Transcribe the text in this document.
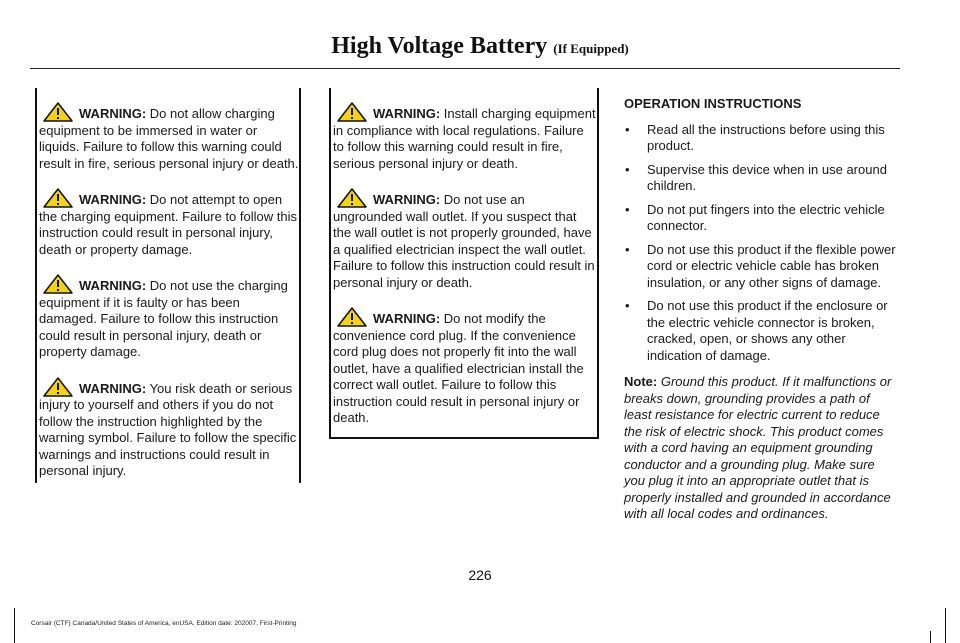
High Voltage Battery (If Equipped)

WARNING: Do not allow charging equipment to be immersed in water or liquids. Failure to follow this warning could result in fire, serious personal injury or death.

WARNING: Do not attempt to open the charging equipment. Failure to follow this instruction could result in personal injury, death or property damage.

WARNING: Do not use the charging equipment if it is faulty or has been damaged. Failure to follow this instruction could result in personal injury, death or property damage.

WARNING: You risk death or serious injury to yourself and others if you do not follow the instruction highlighted by the warning symbol. Failure to follow the specific warnings and instructions could result in personal injury.

WARNING: Install charging equipment in compliance with local regulations. Failure to follow this warning could result in fire, serious personal injury or death.

WARNING: Do not use an ungrounded wall outlet. If you suspect that the wall outlet is not properly grounded, have a qualified electrician inspect the wall outlet. Failure to follow this instruction could result in personal injury or death.

WARNING: Do not modify the convenience cord plug. If the convenience cord plug does not properly fit into the wall outlet, have a qualified electrician install the correct wall outlet. Failure to follow this instruction could result in personal injury or death.

OPERATION INSTRUCTIONS

• Read all the instructions before using this product.
• Supervise this device when in use around children.
• Do not put fingers into the electric vehicle connector.
• Do not use this product if the flexible power cord or electric vehicle cable has broken insulation, or any other signs of damage.
• Do not use this product if the enclosure or the electric vehicle connector is broken, cracked, open, or shows any other indication of damage.

Note: Ground this product. If it malfunctions or breaks down, grounding provides a path of least resistance for electric current to reduce the risk of electric shock. This product comes with a cord having an equipment grounding conductor and a grounding plug. Make sure you plug it into an appropriate outlet that is properly installed and grounded in accordance with all local codes and ordinances.

226
Corsair (CTF) Canada/United States of America, enUSA, Edition date: 202007, First-Printing
